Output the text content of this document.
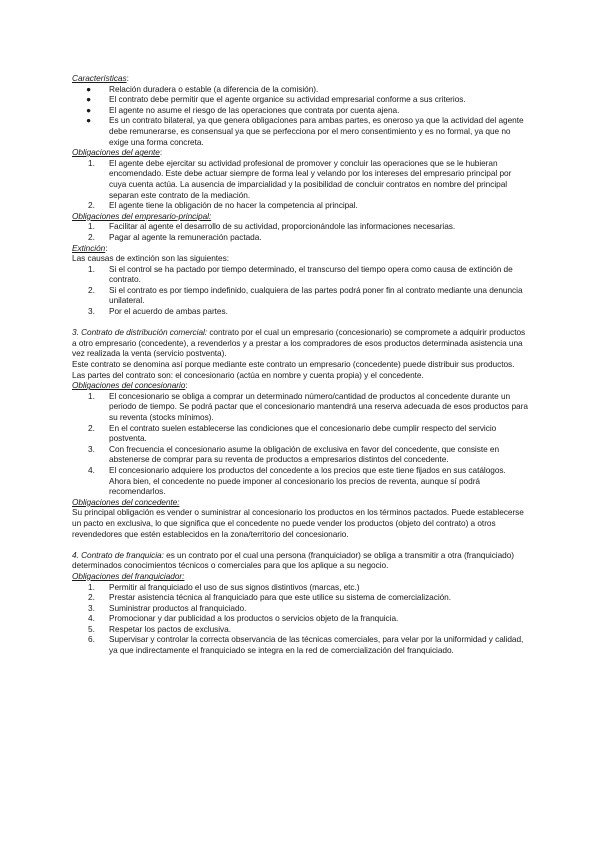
Características:
● Relación duradera o estable (a diferencia de la comisión).
● El contrato debe permitir que el agente organice su actividad empresarial conforme a sus criterios.
● El agente no asume el riesgo de las operaciones que contrata por cuenta ajena.
● Es un contrato bilateral, ya que genera obligaciones para ambas partes, es oneroso ya que la actividad del agente debe remunerarse, es consensual ya que se perfecciona por el mero consentimiento y es no formal, ya que no exige una forma concreta.
Obligaciones del agente:
1. El agente debe ejercitar su actividad profesional de promover y concluir las operaciones que se le hubieran encomendado. Este debe actuar siempre de forma leal y velando por los intereses del empresario principal por cuya cuenta actúa. La ausencia de imparcialidad y la posibilidad de concluir contratos en nombre del principal separan este contrato de la mediación.
2. El agente tiene la obligación de no hacer la competencia al principal.
Obligaciones del empresario-principal:
1. Facilitar al agente el desarrollo de su actividad, proporcionándole las informaciones necesarias.
2. Pagar al agente la remuneración pactada.
Extinción:
Las causas de extinción son las siguientes:
1. Si el control se ha pactado por tiempo determinado, el transcurso del tiempo opera como causa de extinción de contrato.
2. Si el contrato es por tiempo indefinido, cualquiera de las partes podrá poner fin al contrato mediante una denuncia unilateral.
3. Por el acuerdo de ambas partes.
3. Contrato de distribución comercial: contrato por el cual un empresario (concesionario) se compromete a adquirir productos a otro empresario (concedente), a revenderlos y a prestar a los compradores de esos productos determinada asistencia una vez realizada la venta (servicio postventa).
Este contrato se denomina así porque mediante este contrato un empresario (concedente) puede distribuir sus productos. Las partes del contrato son: el concesionario (actúa en nombre y cuenta propia) y el concedente.
Obligaciones del concesionario:
1. El concesionario se obliga a comprar un determinado número/cantidad de productos al concedente durante un periodo de tiempo. Se podrá pactar que el concesionario mantendrá una reserva adecuada de esos productos para su reventa (stocks mínimos).
2. En el contrato suelen establecerse las condiciones que el concesionario debe cumplir respecto del servicio postventa.
3. Con frecuencia el concesionario asume la obligación de exclusiva en favor del concedente, que consiste en abstenerse de comprar para su reventa de productos a empresarios distintos del concedente.
4. El concesionario adquiere los productos del concedente a los precios que este tiene fijados en sus catálogos. Ahora bien, el concedente no puede imponer al concesionario los precios de reventa, aunque sí podrá recomendarlos.
Obligaciones del concedente:
Su principal obligación es vender o suministrar al concesionario los productos en los términos pactados. Puede establecerse un pacto en exclusiva, lo que significa que el concedente no puede vender los productos (objeto del contrato) a otros revendedores que estén establecidos en la zona/territorio del concesionario.
4. Contrato de franquicia: es un contrato por el cual una persona (franquiciador) se obliga a transmitir a otra (franquiciado) determinados conocimientos técnicos o comerciales para que los aplique a su negocio.
Obligaciones del franquiciador:
1. Permitir al franquiciado el uso de sus signos distintivos (marcas, etc.)
2. Prestar asistencia técnica al franquiciado para que este utilice su sistema de comercialización.
3. Suministrar productos al franquiciado.
4. Promocionar y dar publicidad a los productos o servicios objeto de la franquicia.
5. Respetar los pactos de exclusiva.
6. Supervisar y controlar la correcta observancia de las técnicas comerciales, para velar por la uniformidad y calidad, ya que indirectamente el franquiciado se integra en la red de comercialización del franquiciado.
